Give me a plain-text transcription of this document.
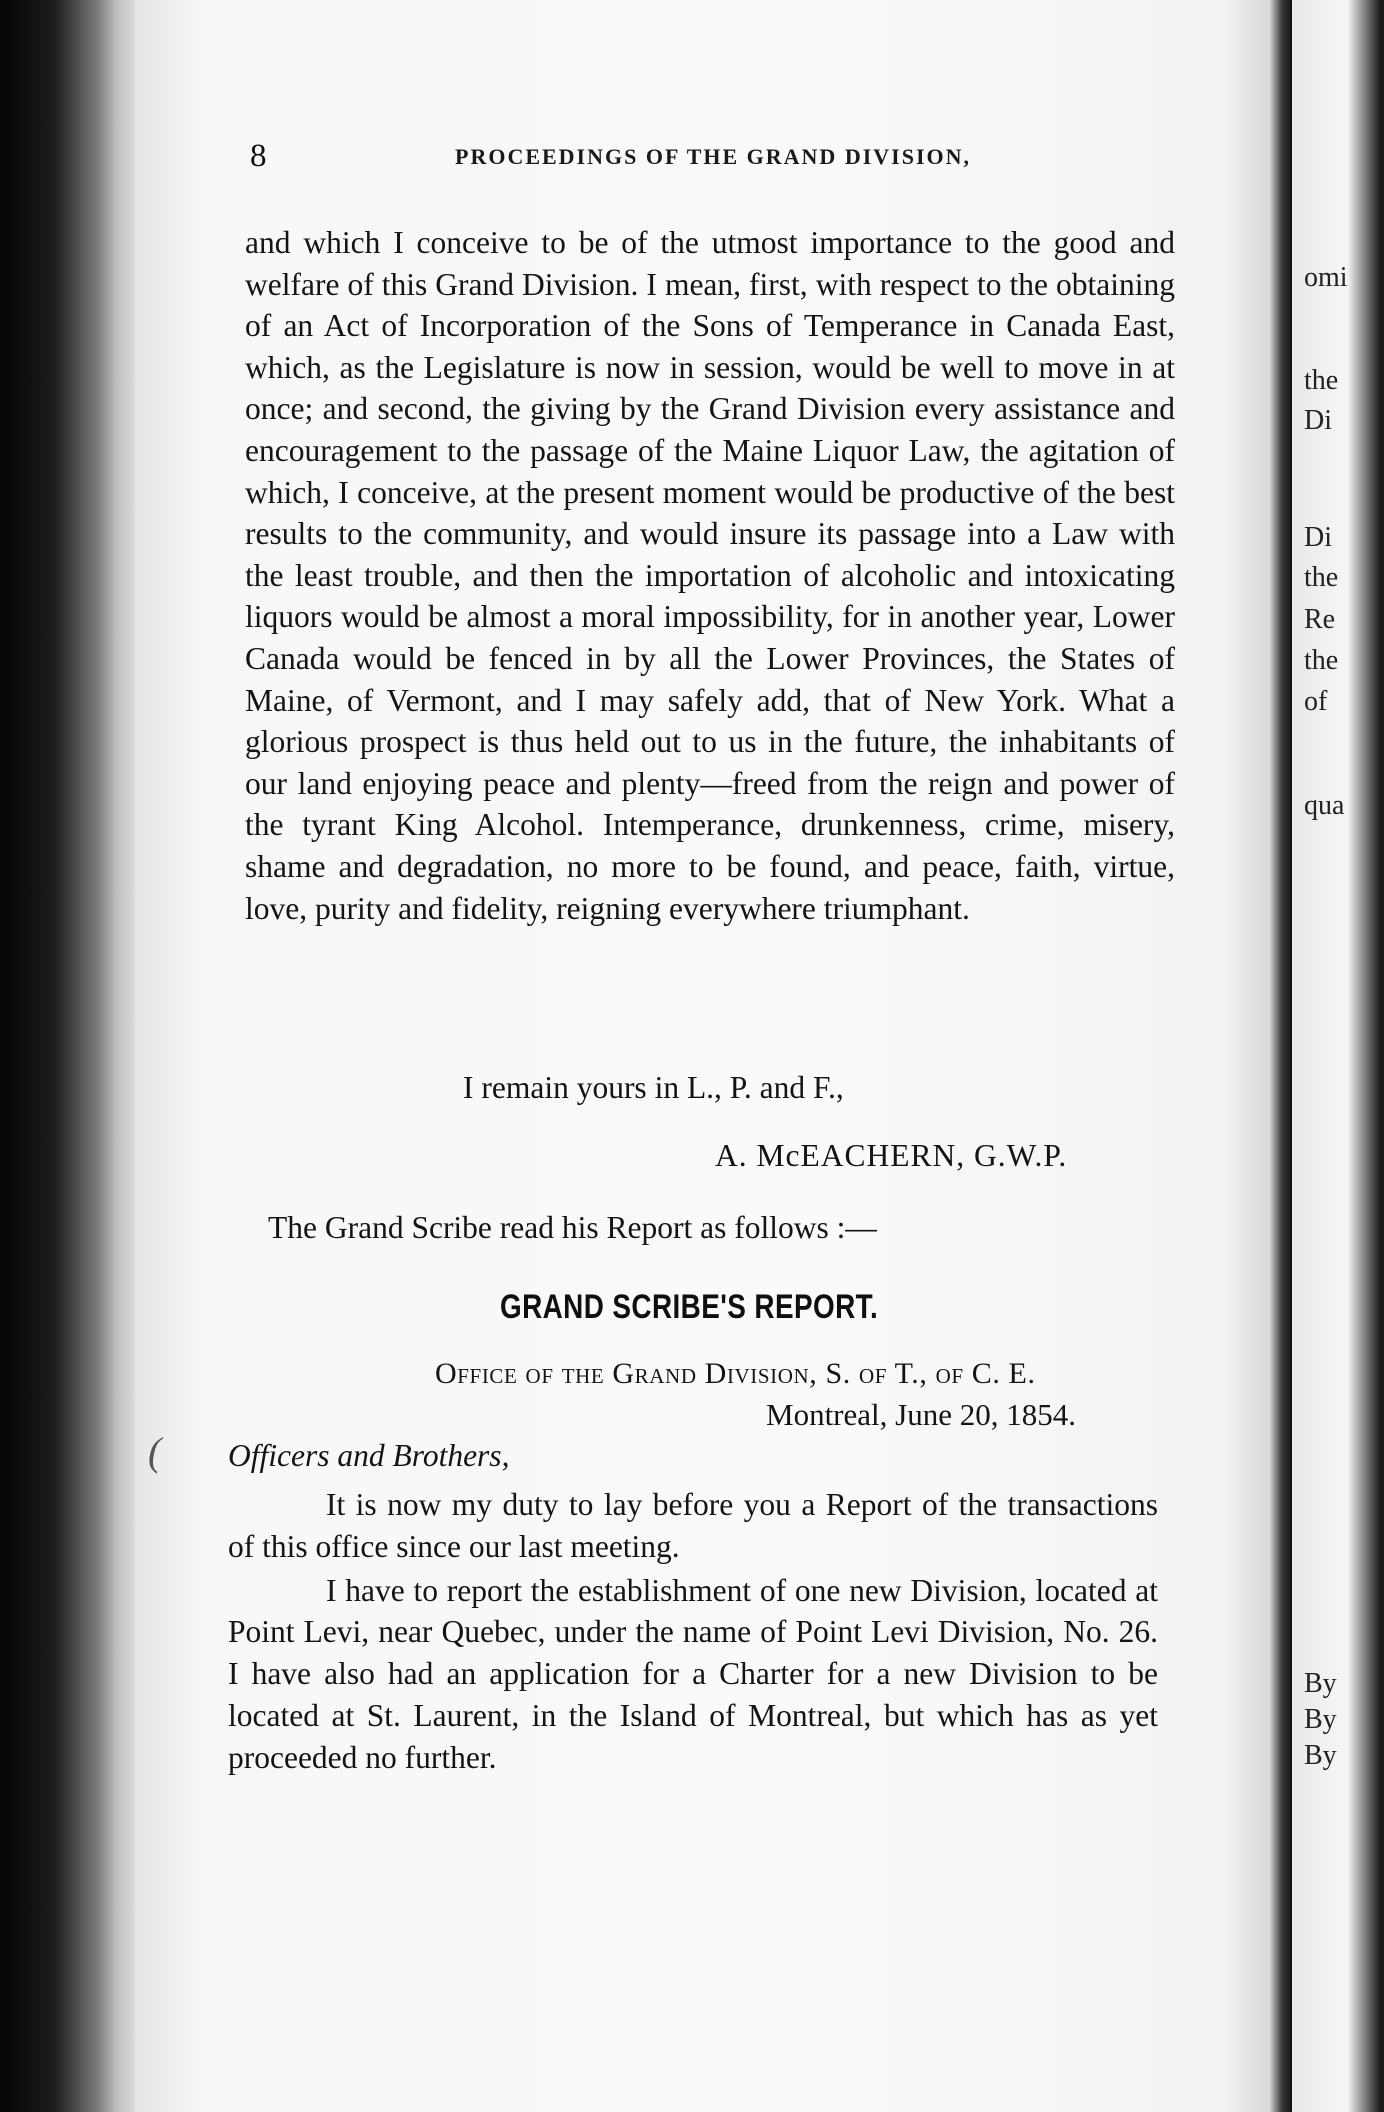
8	PROCEEDINGS OF THE GRAND DIVISION,

and which I conceive to be of the utmost importance to the good and welfare of this Grand Division. I mean, first, with respect to the obtaining of an Act of Incorporation of the Sons of Temperance in Canada East, which, as the Legislature is now in session, would be well to move in at once; and second, the giving by the Grand Division every assistance and encouragement to the passage of the Maine Liquor Law, the agitation of which, I conceive, at the present moment would be productive of the best results to the community, and would insure its passage into a Law with the least trouble, and then the importation of alcoholic and intoxicating liquors would be almost a moral impossibility, for in another year, Lower Canada would be fenced in by all the Lower Provinces, the States of Maine, of Vermont, and I may safely add, that of New York. What a glorious prospect is thus held out to us in the future, the inhabitants of our land enjoying peace and plenty—freed from the reign and power of the tyrant King Alcohol. Intemperance, drunkenness, crime, misery, shame and degradation, no more to be found, and peace, faith, virtue, love, purity and fidelity, reigning everywhere triumphant.

I remain yours in L., P. and F.,
A. McEACHERN, G.W.P.
The Grand Scribe read his Report as follows :—
GRAND SCRIBE'S REPORT.
Office of the Grand Division, S. of T., of C. E.
Montreal, June 20, 1854.
( Officers and Brothers,

It is now my duty to lay before you a Report of the transactions of this office since our last meeting.

I have to report the establishment of one new Division, located at Point Levi, near Quebec, under the name of Point Levi Division, No. 26. I have also had an application for a Charter for a new Division to be located at St. Laurent, in the Island of Montreal, but which has as yet proceeded no further.

omi
the
Di
Di
the
Re
the
of
qua
By
By
By
